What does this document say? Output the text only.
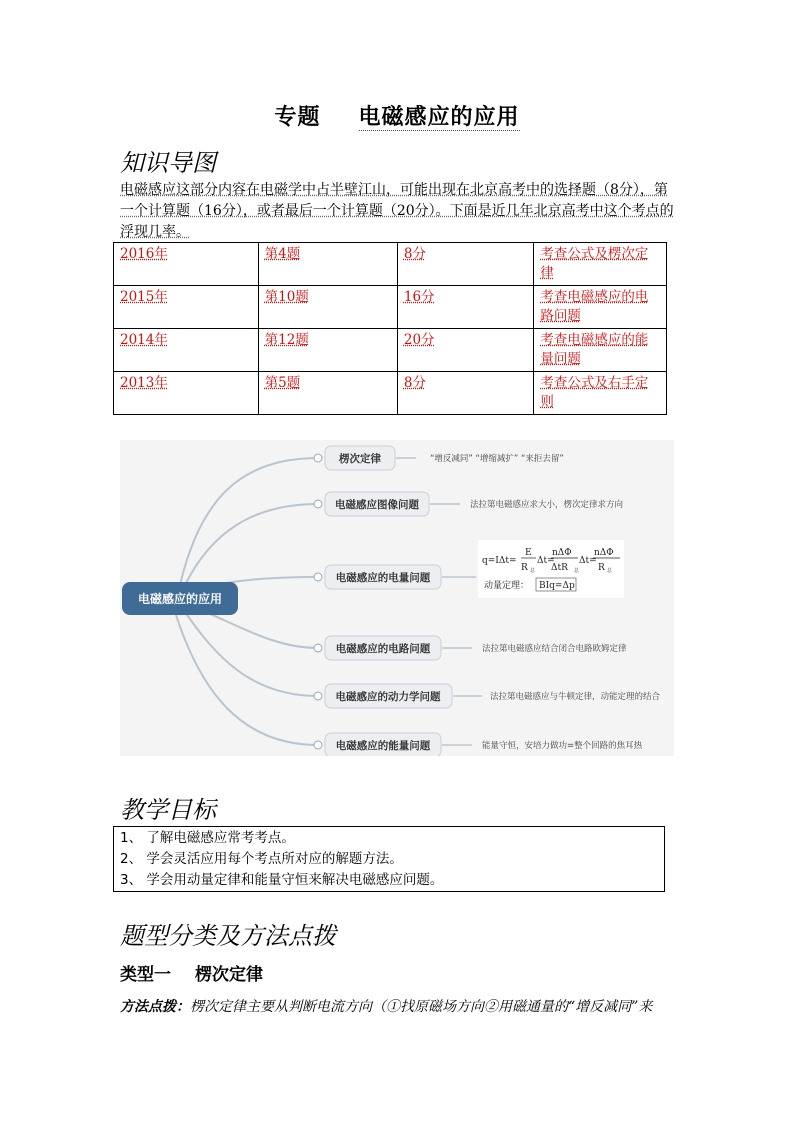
专题 电磁感应的应用
知识导图
电磁感应这部分内容在电磁学中占半壁江山，可能出现在北京高考中的选择题（8分），第一个计算题（16分），或者最后一个计算题（20分）。下面是近几年北京高考中这个考点的浮现几率。
2016年	第4题	8分	考查公式及楞次定律
2015年	第10题	16分	考查电磁感应的电路问题
2014年	第12题	20分	考查电磁感应的能量问题
2013年	第5题	8分	考查公式及右手定则
电磁感应的应用
楞次定律
电磁感应图像问题
电磁感应的电量问题
电磁感应的电路问题
电磁感应的动力学问题
电磁感应的能量问题
“增反减同” “增缩减扩” “来拒去留”
法拉第电磁感应求大小，楞次定律求方向
法拉第电磁感应结合闭合电路欧姆定律
法拉第电磁感应与牛顿定律，动能定理的结合
能量守恒，安培力做功=整个回路的焦耳热
q=IΔt=
E
R 总
Δt=
nΔΦ
ΔtR 总
Δt=
nΔΦ
R 总
动量定理： BIq=Δp
教学目标
1、 了解电磁感应常考考点。
2、 学会灵活应用每个考点所对应的解题方法。
3、 学会用动量定律和能量守恒来解决电磁感应问题。
题型分类及方法点拨
类型一 楞次定律
方法点拨：楞次定律主要从判断电流方向（①找原磁场方向②用磁通量的“增反减同”来
